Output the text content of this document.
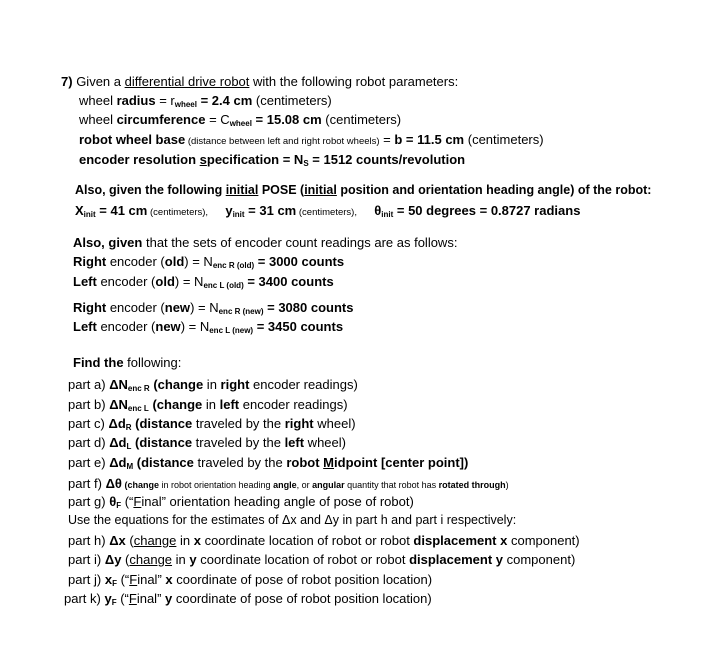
7) Given a differential drive robot with the following robot parameters:
wheel radius = rwheel = 2.4 cm (centimeters)
wheel circumference = Cwheel = 15.08 cm (centimeters)
robot wheel base (distance between left and right robot wheels) = b = 11.5 cm (centimeters)
encoder resolution specification = NS = 1512 counts/revolution
Also, given the following initial POSE (initial position and orientation heading angle) of the robot:
Xinit = 41 cm (centimeters), yinit = 31 cm (centimeters), θinit = 50 degrees = 0.8727 radians
Also, given that the sets of encoder count readings are as follows:
Right encoder (old) = Nenc R (old) = 3000 counts
Left encoder (old) = Nenc L (old) = 3400 counts
Right encoder (new) = Nenc R (new) = 3080 counts
Left encoder (new) = Nenc L (new) = 3450 counts
Find the following:
part a) ΔNenc R (change in right encoder readings)
part b) ΔNenc L (change in left encoder readings)
part c) ΔdR (distance traveled by the right wheel)
part d) ΔdL (distance traveled by the left wheel)
part e) ΔdM (distance traveled by the robot Midpoint [center point])
part f) Δθ (change in robot orientation heading angle, or angular quantity that robot has rotated through)
part g) θF (“Final” orientation heading angle of pose of robot)
Use the equations for the estimates of Δx and Δy in part h and part i respectively:
part h) Δx (change in x coordinate location of robot or robot displacement x component)
part i) Δy (change in y coordinate location of robot or robot displacement y component)
part j) xF (“Final” x coordinate of pose of robot position location)
part k) yF (“Final” y coordinate of pose of robot position location)
